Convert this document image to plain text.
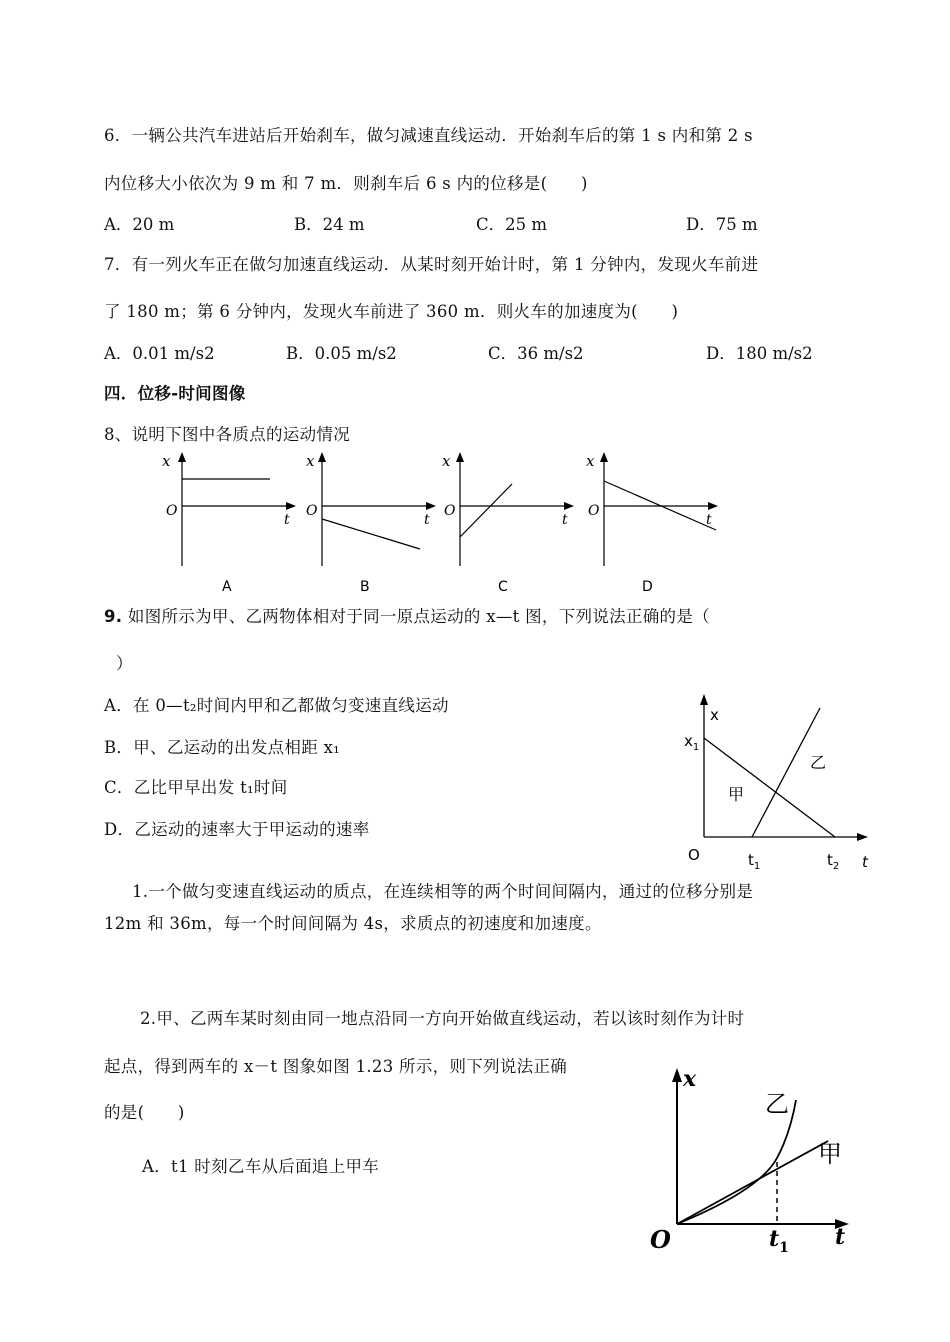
6．一辆公共汽车进站后开始刹车，做匀减速直线运动．开始刹车后的第 1 s 内和第 2 s
内位移大小依次为 9 m 和 7 m．则刹车后 6 s 内的位移是(　　)
A．20 m	B．24 m	C．25 m	D．75 m
7．有一列火车正在做匀加速直线运动．从某时刻开始计时，第 1 分钟内，发现火车前进
了 180 m；第 6 分钟内，发现火车前进了 360 m．则火车的加速度为(　　)
A．0.01 m/s2	B．0.05 m/s2	C．36 m/s2	D．180 m/s2
四．位移-时间图像
8、说明下图中各质点的运动情况
x
O
t
A
x
O
t
B
x
O
t
C
x
O
t
D
9. 如图所示为甲、乙两物体相对于同一原点运动的 x—t 图，下列说法正确的是（
）
A．在 0—t₂时间内甲和乙都做匀变速直线运动
B．甲、乙运动的出发点相距 x₁
C．乙比甲早出发 t₁时间
D．乙运动的速率大于甲运动的速率
x
$x_1$
甲
乙
O	$t_1$	$t_2$ t
1.一个做匀变速直线运动的质点，在连续相等的两个时间间隔内，通过的位移分别是
12m 和 36m，每一个时间间隔为 4s，求质点的初速度和加速度。
2.甲、乙两车某时刻由同一地点沿同一方向开始做直线运动，若以该时刻作为计时
起点，得到两车的 x－t 图象如图 1.23 所示，则下列说法正确
的是(　　)
A．t1 时刻乙车从后面追上甲车
x
乙
甲
O	$t_1$ t
